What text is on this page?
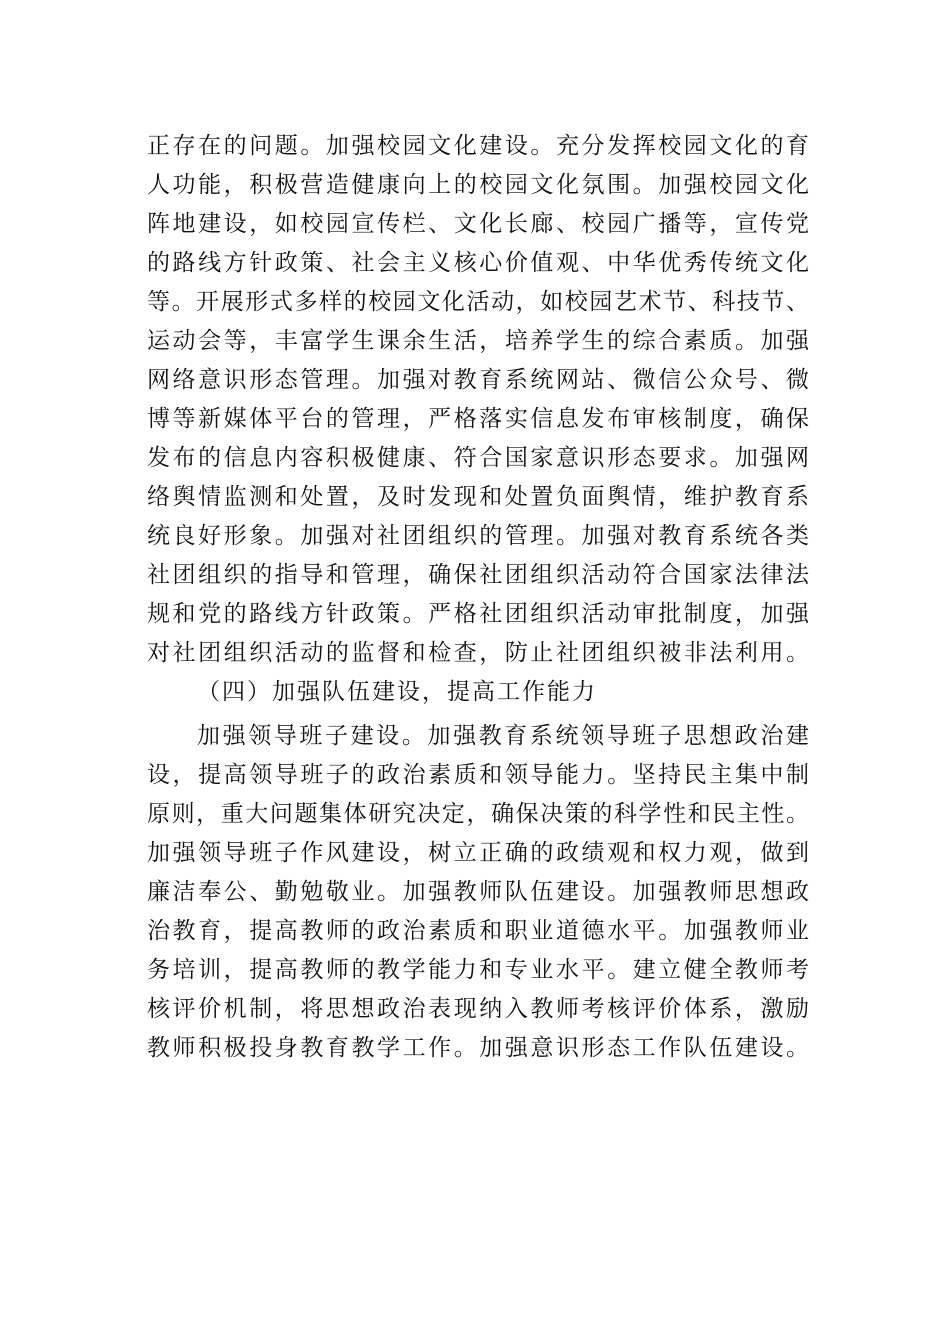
正存在的问题。加强校园文化建设。充分发挥校园文化的育
人功能，积极营造健康向上的校园文化氛围。加强校园文化
阵地建设，如校园宣传栏、文化长廊、校园广播等，宣传党
的路线方针政策、社会主义核心价值观、中华优秀传统文化
等。开展形式多样的校园文化活动，如校园艺术节、科技节、
运动会等，丰富学生课余生活，培养学生的综合素质。加强
网络意识形态管理。加强对教育系统网站、微信公众号、微
博等新媒体平台的管理，严格落实信息发布审核制度，确保
发布的信息内容积极健康、符合国家意识形态要求。加强网
络舆情监测和处置，及时发现和处置负面舆情，维护教育系
统良好形象。加强对社团组织的管理。加强对教育系统各类
社团组织的指导和管理，确保社团组织活动符合国家法律法
规和党的路线方针政策。严格社团组织活动审批制度，加强
对社团组织活动的监督和检查，防止社团组织被非法利用。
（四）加强队伍建设，提高工作能力
加强领导班子建设。加强教育系统领导班子思想政治建
设，提高领导班子的政治素质和领导能力。坚持民主集中制
原则，重大问题集体研究决定，确保决策的科学性和民主性。
加强领导班子作风建设，树立正确的政绩观和权力观，做到
廉洁奉公、勤勉敬业。加强教师队伍建设。加强教师思想政
治教育，提高教师的政治素质和职业道德水平。加强教师业
务培训，提高教师的教学能力和专业水平。建立健全教师考
核评价机制，将思想政治表现纳入教师考核评价体系，激励
教师积极投身教育教学工作。加强意识形态工作队伍建设。
